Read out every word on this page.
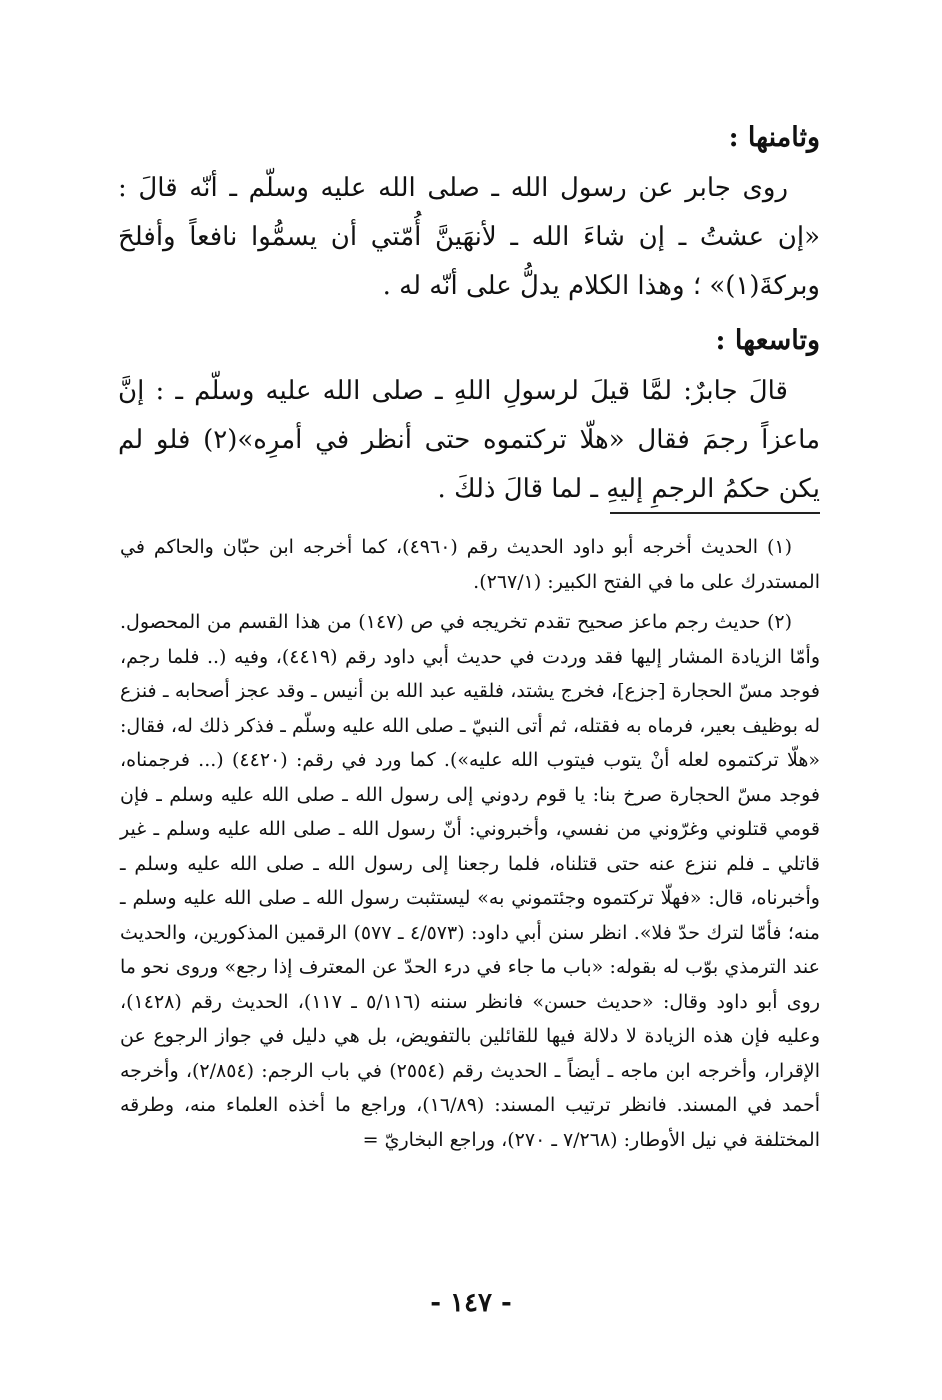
وثامنها :

روى جابر عن رسول الله ـ صلى الله عليه وسلّم ـ أنّه قالَ : «إن عشتُ ـ إن شاءَ الله ـ لأنهَينَّ أُمّتي أن يسمُّوا نافعاً وأفلحَ وبركةَ(١)» ؛ وهذا الكلام يدلُّ على أنّه له .

وتاسعها :

قالَ جابرٌ: لمَّا قيلَ لرسولِ اللهِ ـ صلى الله عليه وسلّم ـ : إنَّ ماعزاً رجمَ فقال «هلّا تركتموه حتى أنظر في أمرِه»(٢) فلو لم يكن حكمُ الرجمِ إليهِ ـ لما قالَ ذلكَ .

(١) الحديث أخرجه أبو داود الحديث رقم (٤٩٦٠)، كما أخرجه ابن حبّان والحاكم في المستدرك على ما في الفتح الكبير: (٢٦٧/١).

(٢) حديث رجم ماعز صحيح تقدم تخريجه في ص (١٤٧) من هذا القسم من المحصول. وأمّا الزيادة المشار إليها فقد وردت في حديث أبي داود رقم (٤٤١٩)، وفيه (.. فلما رجم، فوجد مسّ الحجارة [جزع]، فخرج يشتد، فلقيه عبد الله بن أنيس ـ وقد عجز أصحابه ـ فنزع له بوظيف بعير، فرماه به فقتله، ثم أتى النبيّ ـ صلى الله عليه وسلّم ـ فذكر ذلك له، فقال: «هلّا تركتموه لعله أنْ يتوب فيتوب الله عليه»). كما ورد في رقم: (٤٤٢٠) (... فرجمناه، فوجد مسّ الحجارة صرخ بنا: يا قوم ردوني إلى رسول الله ـ صلى الله عليه وسلم ـ فإن قومي قتلوني وغرّوني من نفسي، وأخبروني: أنّ رسول الله ـ صلى الله عليه وسلم ـ غير قاتلي ـ فلم ننزع عنه حتى قتلناه، فلما رجعنا إلى رسول الله ـ صلى الله عليه وسلم ـ وأخبرناه، قال: «فهلّا تركتموه وجئتموني به» ليستثبت رسول الله ـ صلى الله عليه وسلم ـ منه؛ فأمّا لترك حدّ فلا». انظر سنن أبي داود: (٤/٥٧٣ ـ ٥٧٧) الرقمين المذكورين، والحديث عند الترمذي بوّب له بقوله: «باب ما جاء في درء الحدّ عن المعترف إذا رجع» وروى نحو ما روى أبو داود وقال: «حديث حسن» فانظر سننه (٥/١١٦ ـ ١١٧)، الحديث رقم (١٤٢٨)، وعليه فإن هذه الزيادة لا دلالة فيها للقائلين بالتفويض، بل هي دليل في جواز الرجوع عن الإقرار، وأخرجه ابن ماجه ـ أيضاً ـ الحديث رقم (٢٥٥٤) في باب الرجم: (٢/٨٥٤)، وأخرجه أحمد في المسند. فانظر ترتيب المسند: (١٦/٨٩)، وراجع ما أخذه العلماء منه، وطرقه المختلفة في نيل الأوطار: (٧/٢٦٨ ـ ٢٧٠)، وراجع البخاريّ =

- ١٤٧ -
